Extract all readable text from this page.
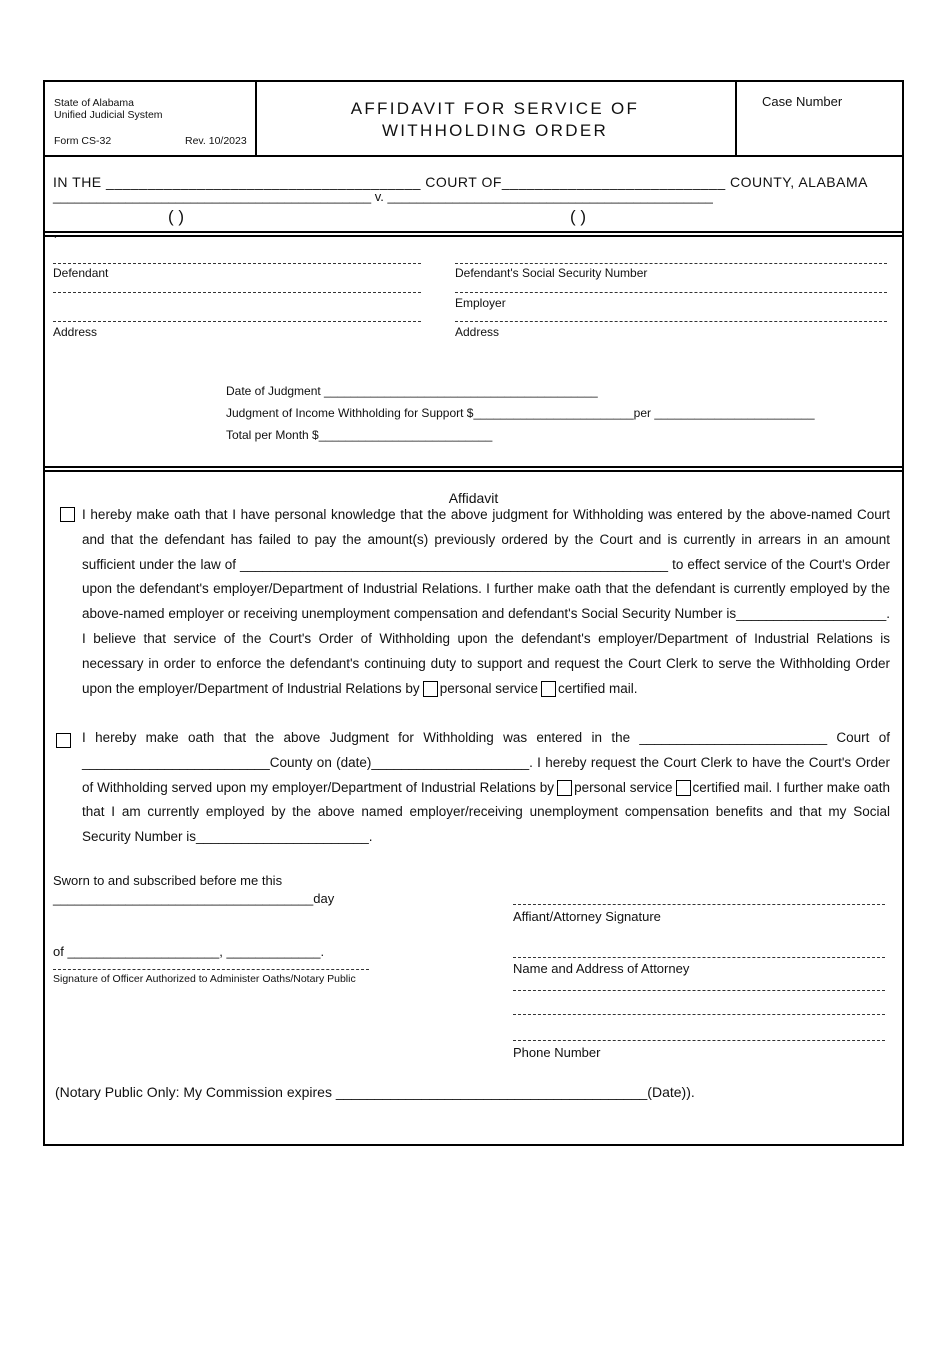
State of Alabama
Unified Judicial System
Form CS-32	Rev. 10/2023
AFFIDAVIT FOR SERVICE OF
WITHHOLDING ORDER
Case Number
IN THE ______________________________________ COURT OF___________________________ COUNTY, ALABAMA
____________________________________________ v. _____________________________________________
( )	( )
`
Defendant
Address
Defendant's Social Security Number
Employer
Address
Date of Judgment _________________________________________
Judgment of Income Withholding for Support $________________________per ________________________
Total per Month $__________________________
Affidavit
I hereby make oath that I have personal knowledge that the above judgment for Withholding was entered by the above-named Court and that the defendant has failed to pay the amount(s) previously ordered by the Court and is currently in arrears in an amount sufficient under the law of _________________________________________________________ to effect service of the Court's Order upon the defendant's employer/Department of Industrial Relations. I further make oath that the defendant is currently employed by the above-named employer or receiving unemployment compensation and defendant's Social Security Number is____________________. I believe that service of the Court's Order of Withholding upon the defendant's employer/Department of Industrial Relations is necessary in order to enforce the defendant's continuing duty to support and request the Court Clerk to serve the Withholding Order upon the employer/Department of Industrial Relations by personal service certified mail.
I hereby make oath that the above Judgment for Withholding was entered in the _________________________ Court of _________________________County on (date)_____________________. I hereby request the Court Clerk to have the Court's Order of Withholding served upon my employer/Department of Industrial Relations by personal service certified mail. I further make oath that I am currently employed by the above named employer/receiving unemployment compensation benefits and that my Social Security Number is_______________________.
Sworn to and subscribed before me this
____________________________________day
of _____________________, _____________.
Signature of Officer Authorized to Administer Oaths/Notary Public
Affiant/Attorney Signature
Name and Address of Attorney
Phone Number
(Notary Public Only: My Commission expires ________________________________________(Date)).
